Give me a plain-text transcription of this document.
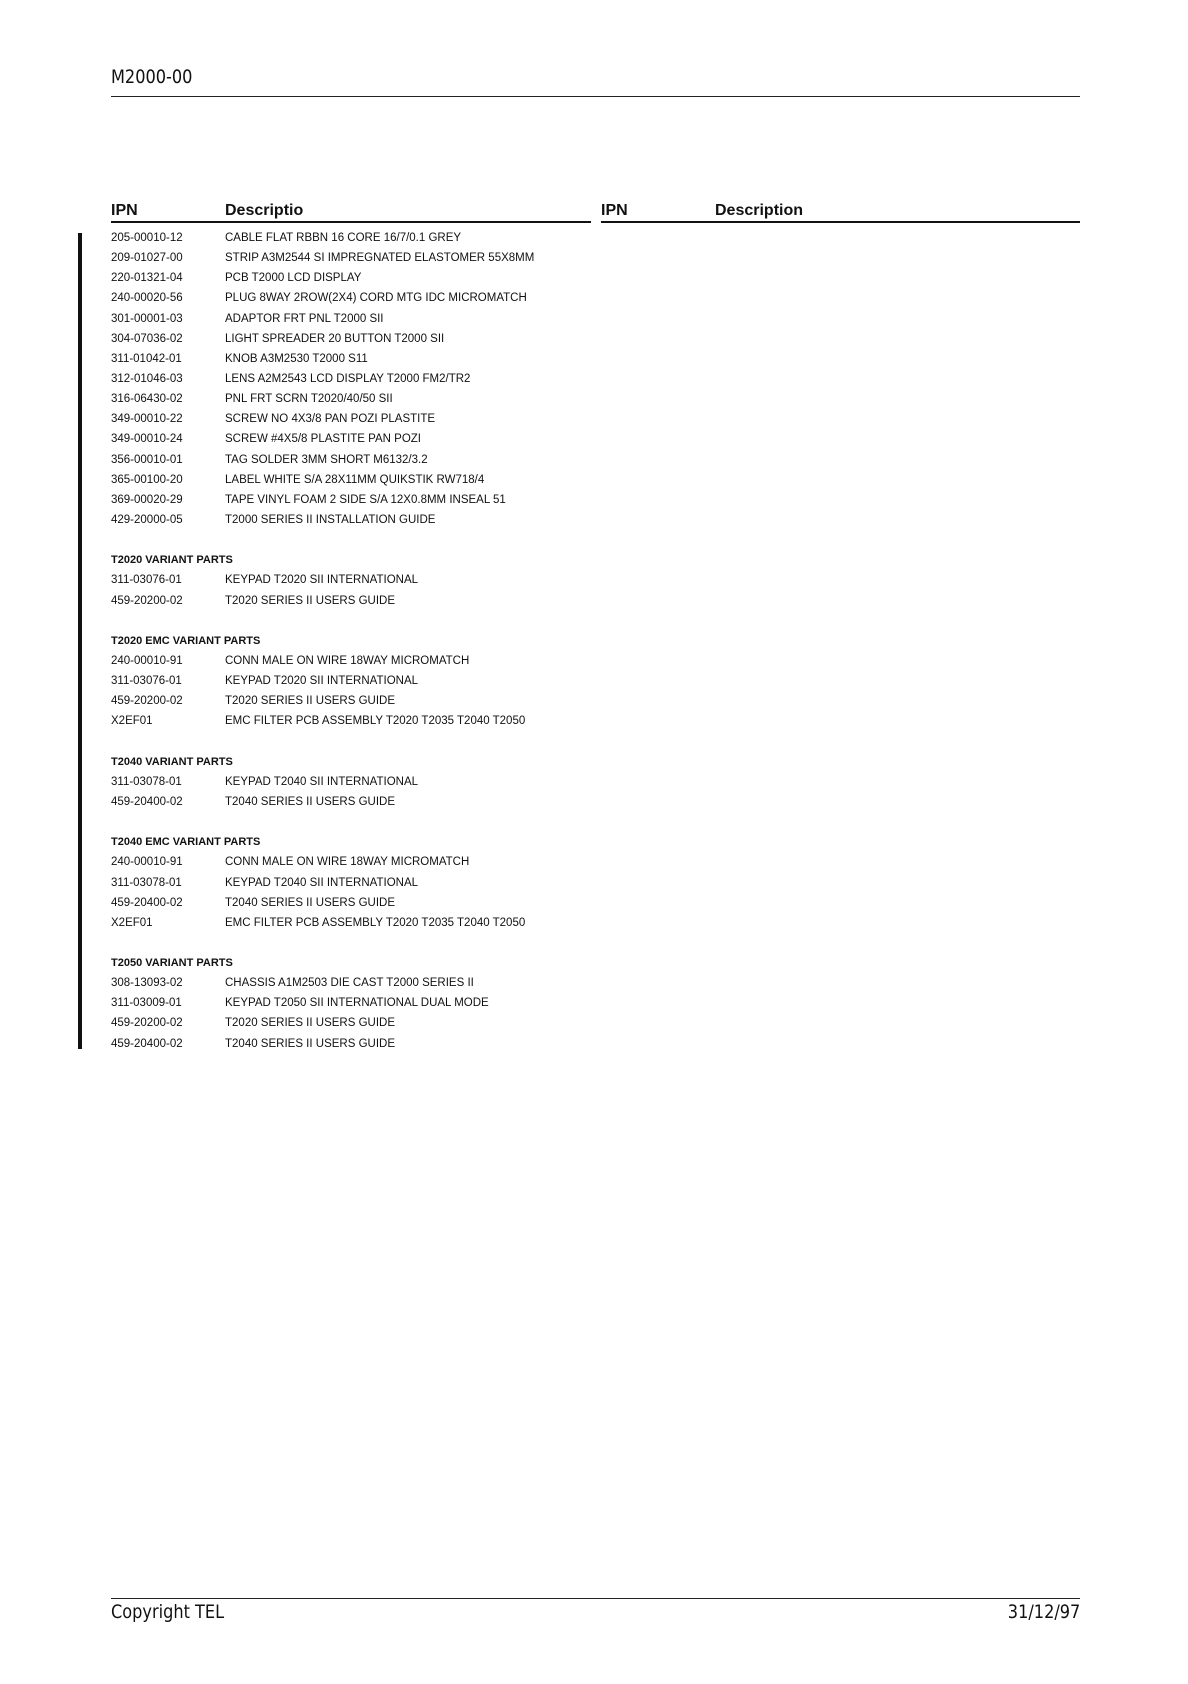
M2000-00
IPN	Descriptio	IPN	Description
205-00010-12	CABLE FLAT RBBN 16 CORE 16/7/0.1 GREY
209-01027-00	STRIP A3M2544 SI IMPREGNATED ELASTOMER 55X8MM
220-01321-04	PCB T2000 LCD DISPLAY
240-00020-56	PLUG 8WAY 2ROW(2X4) CORD MTG IDC MICROMATCH
301-00001-03	ADAPTOR FRT PNL T2000 SII
304-07036-02	LIGHT SPREADER 20 BUTTON T2000 SII
311-01042-01	KNOB A3M2530 T2000 S11
312-01046-03	LENS A2M2543 LCD DISPLAY T2000 FM2/TR2
316-06430-02	PNL FRT SCRN T2020/40/50 SII
349-00010-22	SCREW NO 4X3/8 PAN POZI PLASTITE
349-00010-24	SCREW #4X5/8 PLASTITE PAN POZI
356-00010-01	TAG SOLDER 3MM SHORT M6132/3.2
365-00100-20	LABEL WHITE S/A 28X11MM QUIKSTIK RW718/4
369-00020-29	TAPE VINYL FOAM 2 SIDE S/A 12X0.8MM INSEAL 51
429-20000-05	T2000 SERIES II INSTALLATION GUIDE
T2020 VARIANT PARTS
311-03076-01	KEYPAD T2020 SII INTERNATIONAL
459-20200-02	T2020 SERIES II USERS GUIDE
T2020 EMC VARIANT PARTS
240-00010-91	CONN MALE ON WIRE 18WAY MICROMATCH
311-03076-01	KEYPAD T2020 SII INTERNATIONAL
459-20200-02	T2020 SERIES II USERS GUIDE
X2EF01	EMC FILTER PCB ASSEMBLY T2020 T2035 T2040 T2050
T2040 VARIANT PARTS
311-03078-01	KEYPAD T2040 SII INTERNATIONAL
459-20400-02	T2040 SERIES II USERS GUIDE
T2040 EMC VARIANT PARTS
240-00010-91	CONN MALE ON WIRE 18WAY MICROMATCH
311-03078-01	KEYPAD T2040 SII INTERNATIONAL
459-20400-02	T2040 SERIES II USERS GUIDE
X2EF01	EMC FILTER PCB ASSEMBLY T2020 T2035 T2040 T2050
T2050 VARIANT PARTS
308-13093-02	CHASSIS A1M2503 DIE CAST T2000 SERIES II
311-03009-01	KEYPAD T2050 SII INTERNATIONAL DUAL MODE
459-20200-02	T2020 SERIES II USERS GUIDE
459-20400-02	T2040 SERIES II USERS GUIDE
Copyright TEL	31/12/97
